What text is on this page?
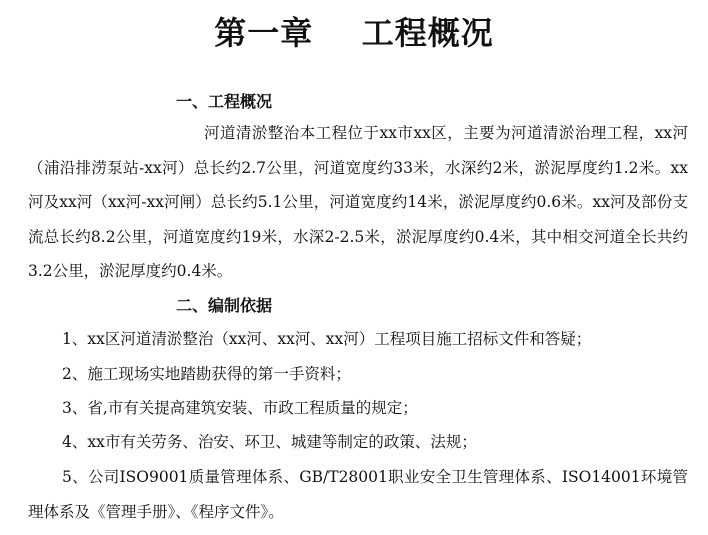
第一章    工程概况
一、工程概况
河道清淤整治本工程位于xx市xx区，主要为河道清淤治理工程，xx河（浦沿排涝泵站-xx河）总长约2.7公里，河道宽度约33米，水深约2米，淤泥厚度约1.2米。xx河及xx河（xx河-xx河闸）总长约5.1公里，河道宽度约14米，淤泥厚度约0.6米。xx河及部份支流总长约8.2公里，河道宽度约19米，水深2-2.5米，淤泥厚度约0.4米，其中相交河道全长共约3.2公里，淤泥厚度约0.4米。
二、编制依据
1、xx区河道清淤整治（xx河、xx河、xx河）工程项目施工招标文件和答疑；
2、施工现场实地踏勘获得的第一手资料；
3、省,市有关提高建筑安装、市政工程质量的规定；
4、xx市有关劳务、治安、环卫、城建等制定的政策、法规；
5、公司ISO9001质量管理体系、GB/T28001职业安全卫生管理体系、ISO14001环境管理体系及《管理手册》、《程序文件》。
